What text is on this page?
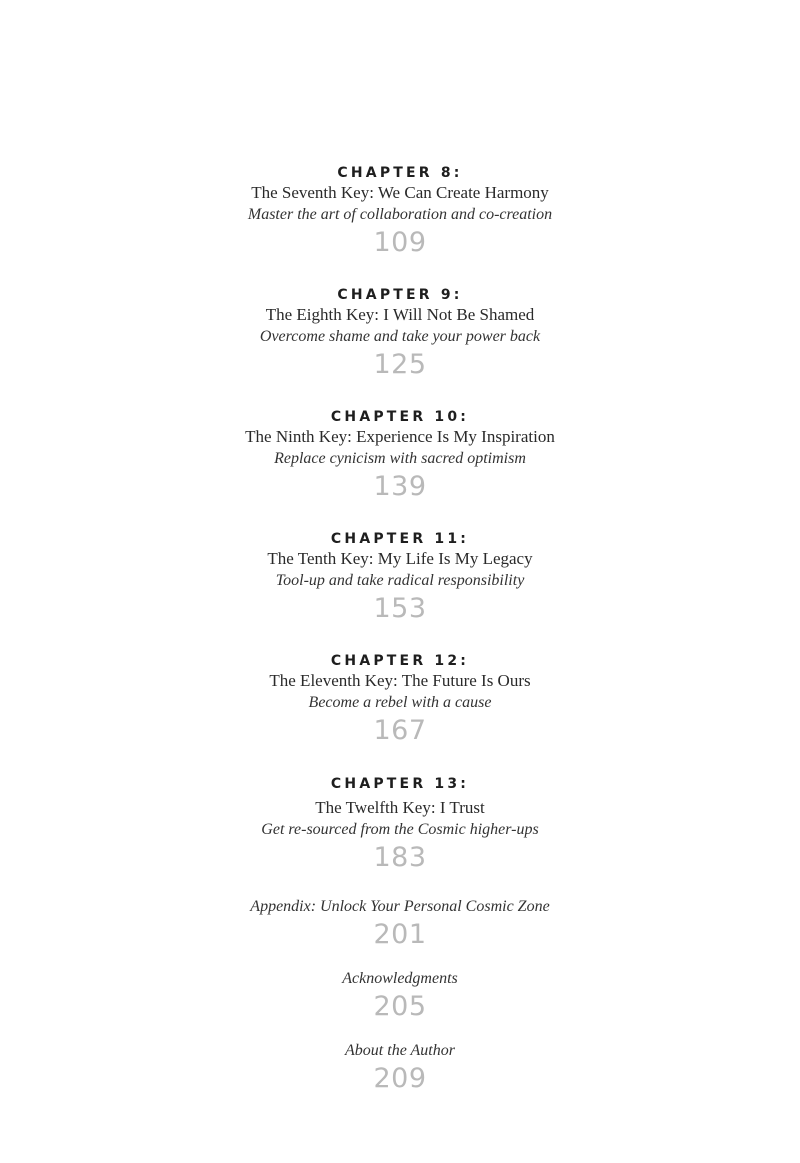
CHAPTER 8:
The Seventh Key: We Can Create Harmony
Master the art of collaboration and co-creation
109
CHAPTER 9:
The Eighth Key: I Will Not Be Shamed
Overcome shame and take your power back
125
CHAPTER 10:
The Ninth Key: Experience Is My Inspiration
Replace cynicism with sacred optimism
139
CHAPTER 11:
The Tenth Key: My Life Is My Legacy
Tool-up and take radical responsibility
153
CHAPTER 12:
The Eleventh Key: The Future Is Ours
Become a rebel with a cause
167
CHAPTER 13:
The Twelfth Key: I Trust
Get re-sourced from the Cosmic higher-ups
183
Appendix: Unlock Your Personal Cosmic Zone
201
Acknowledgments
205
About the Author
209
